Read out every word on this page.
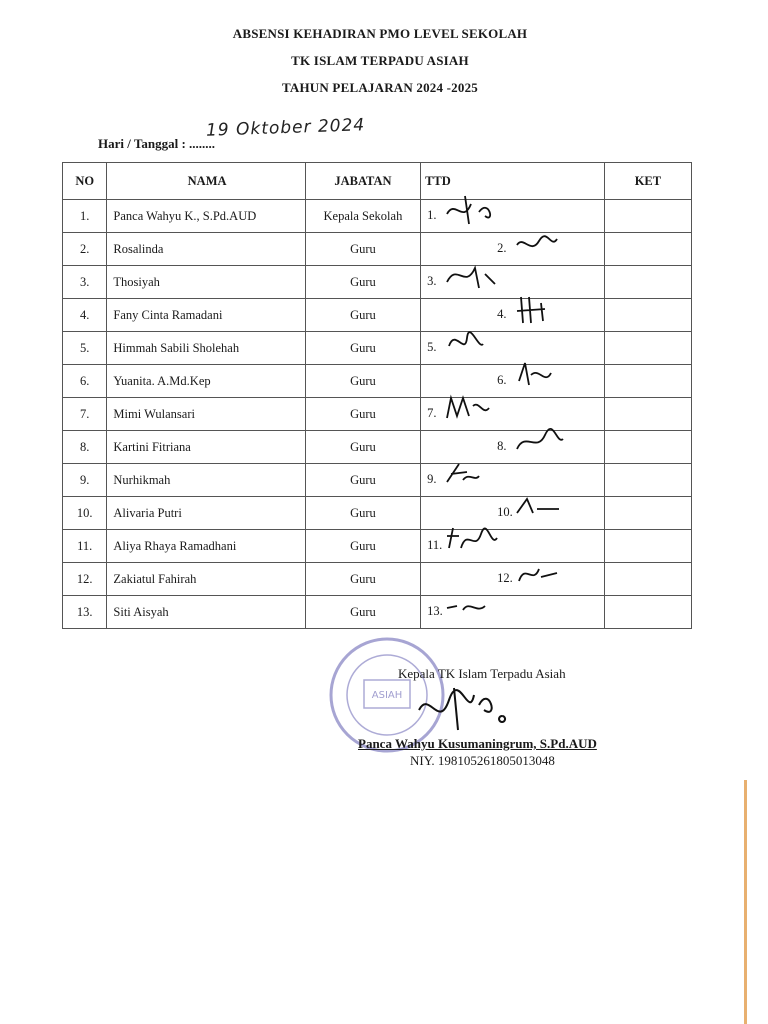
ABSENSI KEHADIRAN PMO LEVEL SEKOLAH
TK ISLAM TERPADU ASIAH
TAHUN PELAJARAN 2024 -2025
Hari / Tanggal : ........
19 Oktober 2024
NO	NAMA	JABATAN	TTD	KET
1.	Panca Wahyu K., S.Pd.AUD	Kepala Sekolah	1.	

2.	Rosalinda	Guru	2.	

3.	Thosiyah	Guru	3.	

4.	Fany Cinta Ramadani	Guru	4.	

5.	Himmah Sabili Sholehah	Guru	5.	

6.	Yuanita. A.Md.Kep	Guru	6.	

7.	Mimi Wulansari	Guru	7.	

8.	Kartini Fitriana	Guru	8.	

9.	Nurhikmah	Guru	9.	

10.	Alivaria Putri	Guru	10.	

11.	Aliya Rhaya Ramadhani	Guru	11.	

12.	Zakiatul Fahirah	Guru	12.	

13.	Siti Aisyah	Guru	13.	

ASIAH
Kepala TK Islam Terpadu Asiah
Panca Wahyu Kusumaningrum, S.Pd.AUD
NIY. 198105261805013048
